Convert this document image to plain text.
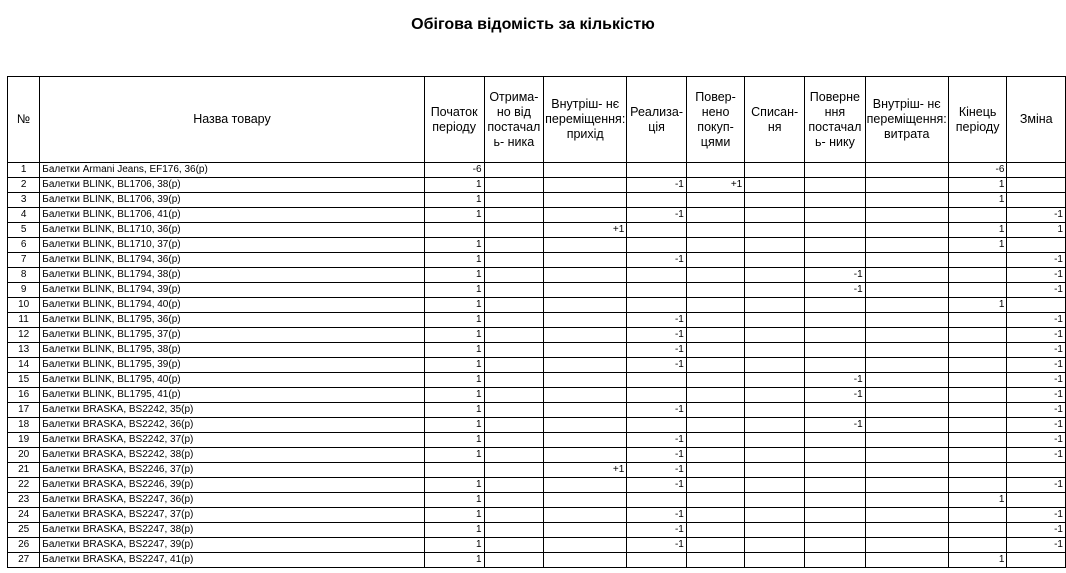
Обігова відомість за кількістю
№	Назва товару	Початок періоду	Отрима- но від постачал ь- ника	Внутріш- нє переміщення: прихід	Реализа- ція	Повер- нено покуп- цями	Списан- ня	Поверне ння постачал ь- нику	Внутріш- нє переміщення: витрата	Кінець періоду	Зміна
1	Балетки Armani Jeans, EF176, 36(р)	-6								-6	
2	Балетки BLINK, BL1706, 38(р)	1			-1	+1				1	
3	Балетки BLINK, BL1706, 39(р)	1								1	
4	Балетки BLINK, BL1706, 41(р)	1			-1						-1
5	Балетки BLINK, BL1710, 36(р)			+1						1	1
6	Балетки BLINK, BL1710, 37(р)	1								1	
7	Балетки BLINK, BL1794, 36(р)	1			-1						-1
8	Балетки BLINK, BL1794, 38(р)	1						-1			-1
9	Балетки BLINK, BL1794, 39(р)	1						-1			-1
10	Балетки BLINK, BL1794, 40(р)	1								1	
11	Балетки BLINK, BL1795, 36(р)	1			-1						-1
12	Балетки BLINK, BL1795, 37(р)	1			-1						-1
13	Балетки BLINK, BL1795, 38(р)	1			-1						-1
14	Балетки BLINK, BL1795, 39(р)	1			-1						-1
15	Балетки BLINK, BL1795, 40(р)	1						-1			-1
16	Балетки BLINK, BL1795, 41(р)	1						-1			-1
17	Балетки BRASKA, BS2242, 35(р)	1			-1						-1
18	Балетки BRASKA, BS2242, 36(р)	1						-1			-1
19	Балетки BRASKA, BS2242, 37(р)	1			-1						-1
20	Балетки BRASKA, BS2242, 38(р)	1			-1						-1
21	Балетки BRASKA, BS2246, 37(р)			+1	-1						
22	Балетки BRASKA, BS2246, 39(р)	1			-1						-1
23	Балетки BRASKA, BS2247, 36(р)	1								1	
24	Балетки BRASKA, BS2247, 37(р)	1			-1						-1
25	Балетки BRASKA, BS2247, 38(р)	1			-1						-1
26	Балетки BRASKA, BS2247, 39(р)	1			-1						-1
27	Балетки BRASKA, BS2247, 41(р)	1								1	
